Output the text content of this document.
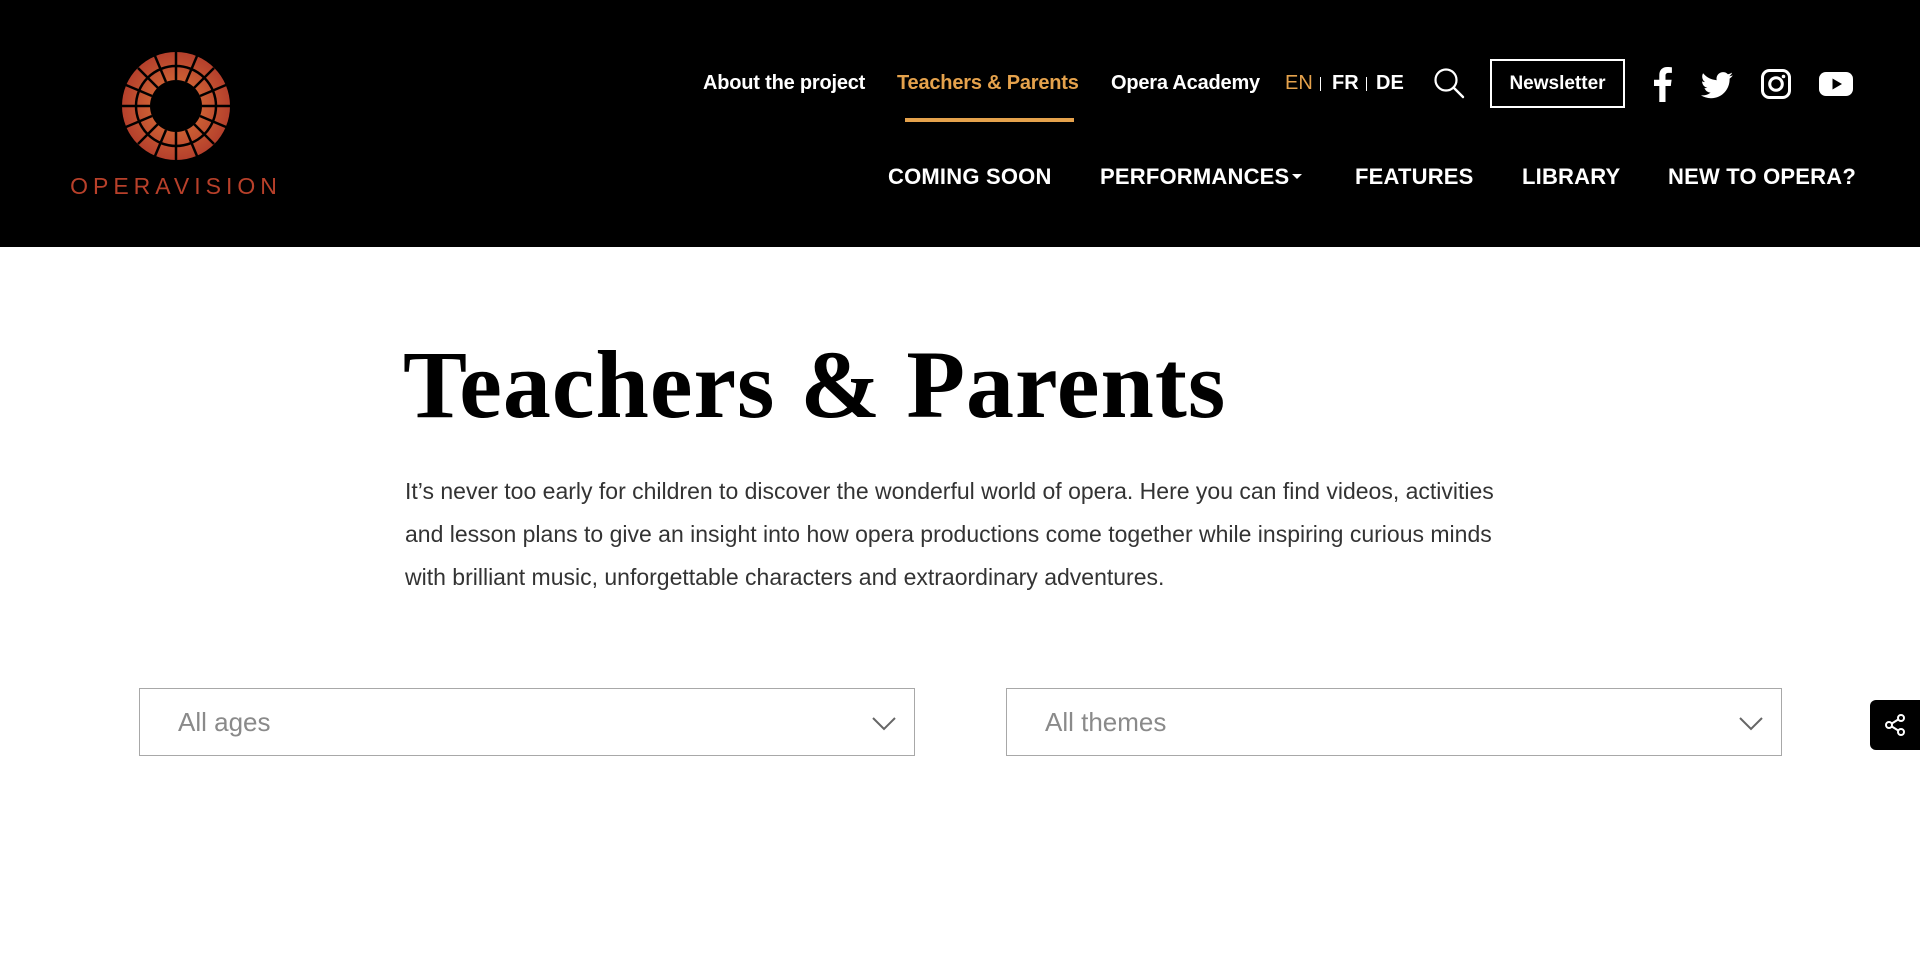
OPERAVISION
About the project Teachers & Parents Opera Academy EN FR DE	Newsletter
COMING SOON PERFORMANCES	FEATURES LIBRARY NEW TO OPERA?
Teachers & Parents

It’s never too early for children to discover the wonderful world of opera. Here you can find videos, activities and lesson plans to give an insight into how opera productions come together while inspiring curious minds with brilliant music, unforgettable characters and extraordinary adventures.

All ages	All themes
